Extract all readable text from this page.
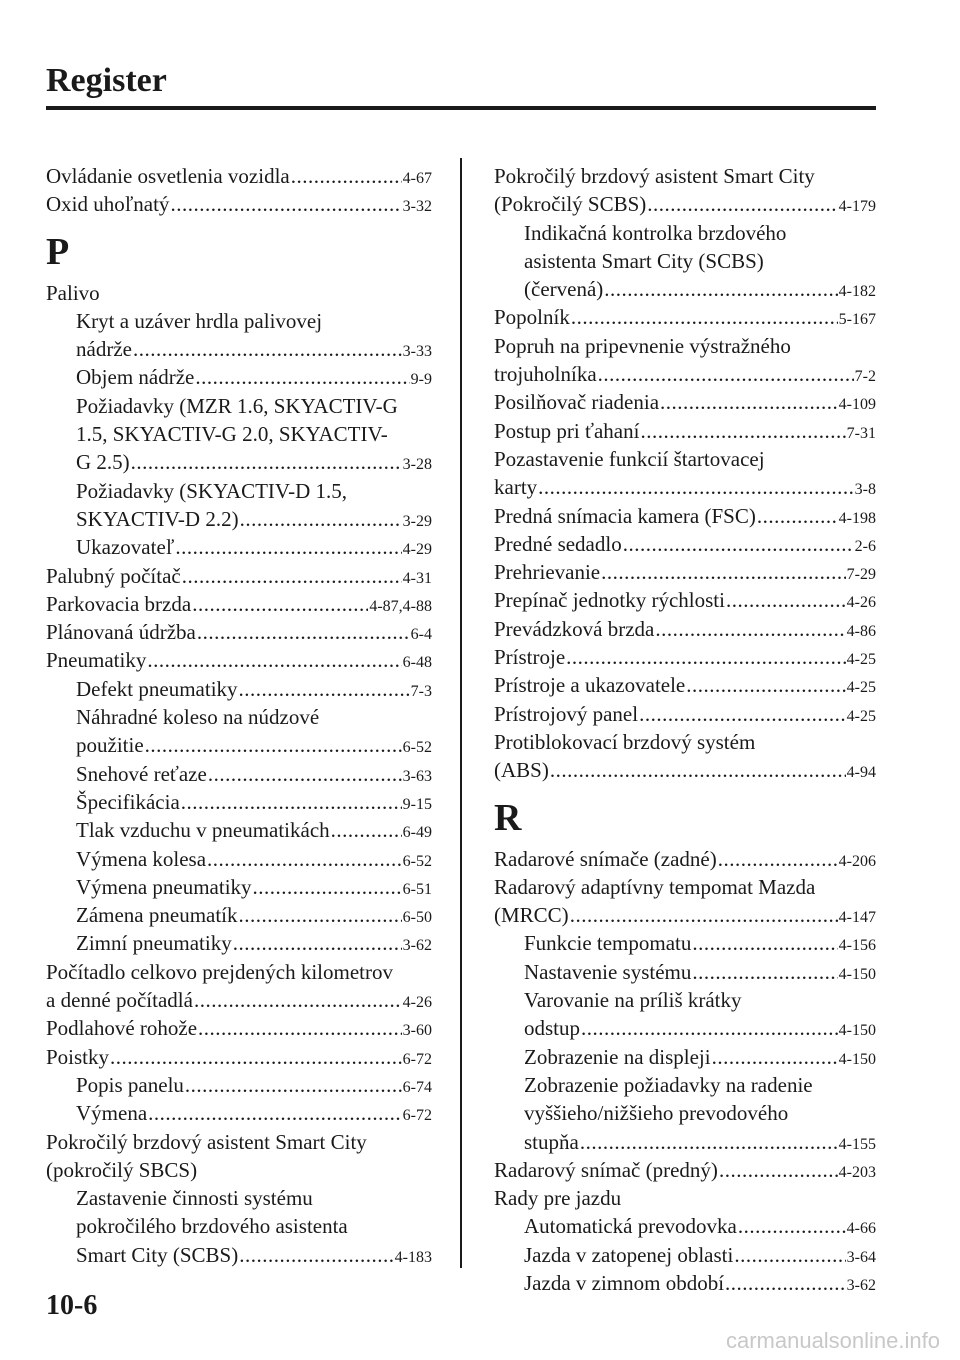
Register
Ovládanie osvetlenia vozidla .....	4-67
Oxid uhoľnatý .....	3-32
P
Palivo
Kryt a uzáver hrdla palivovej
nádrže .....	3-33
Objem nádrže .....	9-9
Požiadavky (MZR 1.6, SKYACTIV-G
1.5, SKYACTIV-G 2.0, SKYACTIV-
G 2.5) .....	3-28
Požiadavky (SKYACTIV-D 1.5,
SKYACTIV-D 2.2) .....	3-29
Ukazovateľ .....	4-29
Palubný počítač .....	4-31
Parkovacia brzda .....	4-87,4-88
Plánovaná údržba .....	6-4
Pneumatiky .....	6-48
Defekt pneumatiky .....	7-3
Náhradné koleso na núdzové
použitie .....	6-52
Snehové reťaze .....	3-63
Špecifikácia .....	9-15
Tlak vzduchu v pneumatikách .....	6-49
Výmena kolesa .....	6-52
Výmena pneumatiky .....	6-51
Zámena pneumatík .....	6-50
Zimní pneumatiky .....	3-62
Počítadlo celkovo prejdených kilometrov
a denné počítadlá .....	4-26
Podlahové rohože .....	3-60
Poistky .....	6-72
Popis panelu .....	6-74
Výmena .....	6-72
Pokročilý brzdový asistent Smart City
(pokročilý SBCS)
Zastavenie činnosti systému
pokročilého brzdového asistenta
Smart City (SCBS) .....	4-183
Pokročilý brzdový asistent Smart City
(Pokročilý SCBS) .....	4-179
Indikačná kontrolka brzdového
asistenta Smart City (SCBS)
(červená) .....	4-182
Popolník .....	5-167
Popruh na pripevnenie výstražného
trojuholníka .....	7-2
Posilňovač riadenia .....	4-109
Postup pri ťahaní .....	7-31
Pozastavenie funkcií štartovacej
karty .....	3-8
Predná snímacia kamera (FSC) .....	4-198
Predné sedadlo .....	2-6
Prehrievanie .....	7-29
Prepínač jednotky rýchlosti .....	4-26
Prevádzková brzda .....	4-86
Prístroje .....	4-25
Prístroje a ukazovatele .....	4-25
Prístrojový panel .....	4-25
Protiblokovací brzdový systém
(ABS) .....	4-94
R
Radarové snímače (zadné) .....	4-206
Radarový adaptívny tempomat Mazda
(MRCC) .....	4-147
Funkcie tempomatu .....	4-156
Nastavenie systému .....	4-150
Varovanie na príliš krátky
odstup .....	4-150
Zobrazenie na displeji .....	4-150
Zobrazenie požiadavky na radenie
vyššieho/nižšieho prevodového
stupňa .....	4-155
Radarový snímač (predný) .....	4-203
Rady pre jazdu
Automatická prevodovka .....	4-66
Jazda v zatopenej oblasti .....	3-64
Jazda v zimnom období .....	3-62
10-6
carmanualsonline.info
